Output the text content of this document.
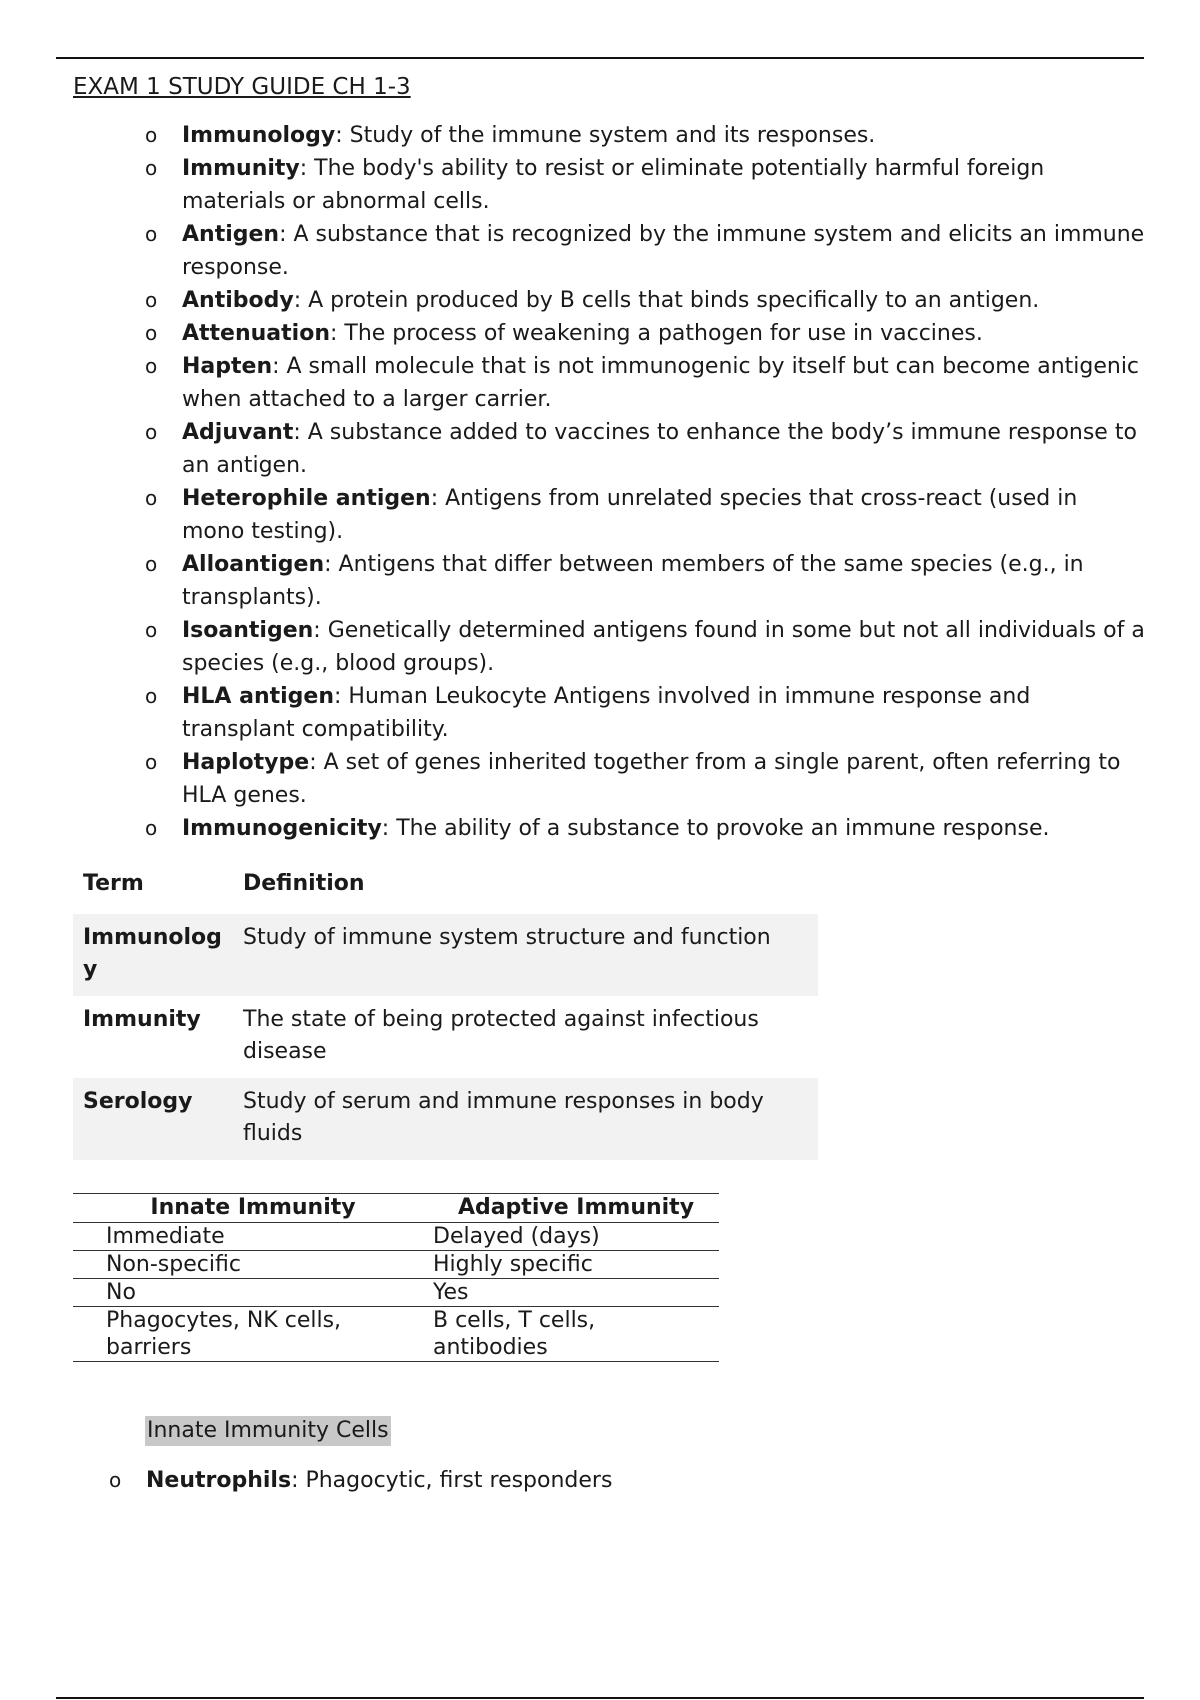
EXAM 1 STUDY GUIDE CH 1-3
o Immunology: Study of the immune system and its responses.
o Immunity: The body's ability to resist or eliminate potentially harmful foreign materials or abnormal cells.
o Antigen: A substance that is recognized by the immune system and elicits an immune response.
o Antibody: A protein produced by B cells that binds specifically to an antigen.
o Attenuation: The process of weakening a pathogen for use in vaccines.
o Hapten: A small molecule that is not immunogenic by itself but can become antigenic when attached to a larger carrier.
o Adjuvant: A substance added to vaccines to enhance the body’s immune response to an antigen.
o Heterophile antigen: Antigens from unrelated species that cross-react (used in mono testing).
o Alloantigen: Antigens that differ between members of the same species (e.g., in transplants).
o Isoantigen: Genetically determined antigens found in some but not all individuals of a species (e.g., blood groups).
o HLA antigen: Human Leukocyte Antigens involved in immune response and transplant compatibility.
o Haplotype: A set of genes inherited together from a single parent, often referring to HLA genes.
o Immunogenicity: The ability of a substance to provoke an immune response.
Term	Definition
Immunology	Study of immune system structure and function
Immunity	The state of being protected against infectious disease
Serology	Study of serum and immune responses in body fluids
Innate Immunity	Adaptive Immunity
Immediate	Delayed (days)
Non-specific	Highly specific
No	Yes
Phagocytes, NK cells, barriers	B cells, T cells, antibodies
Innate Immunity Cells
o Neutrophils: Phagocytic, first responders
